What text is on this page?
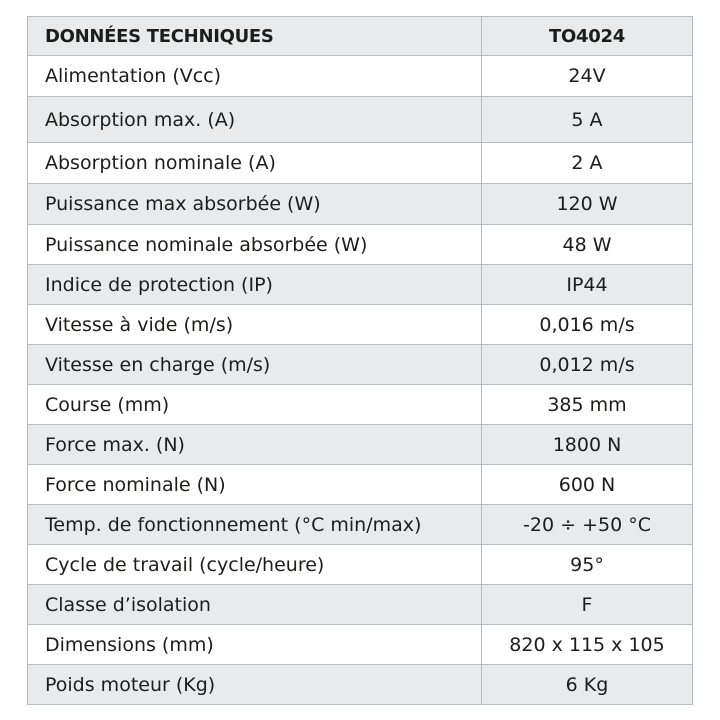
DONNÉES TECHNIQUES	TO4024
Alimentation (Vcc)	24V
Absorption max. (A)	5 A
Absorption nominale (A)	2 A
Puissance max absorbée (W)	120 W
Puissance nominale absorbée (W)	48 W
Indice de protection (IP)	IP44
Vitesse à vide (m/s)	0,016 m/s
Vitesse en charge (m/s)	0,012 m/s
Course (mm)	385 mm
Force max. (N)	1800 N
Force nominale (N)	600 N
Temp. de fonctionnement (°C min/max)	-20 ÷ +50 °C
Cycle de travail (cycle/heure)	95°
Classe d’isolation	F
Dimensions (mm)	820 x 115 x 105
Poids moteur (Kg)	6 Kg
